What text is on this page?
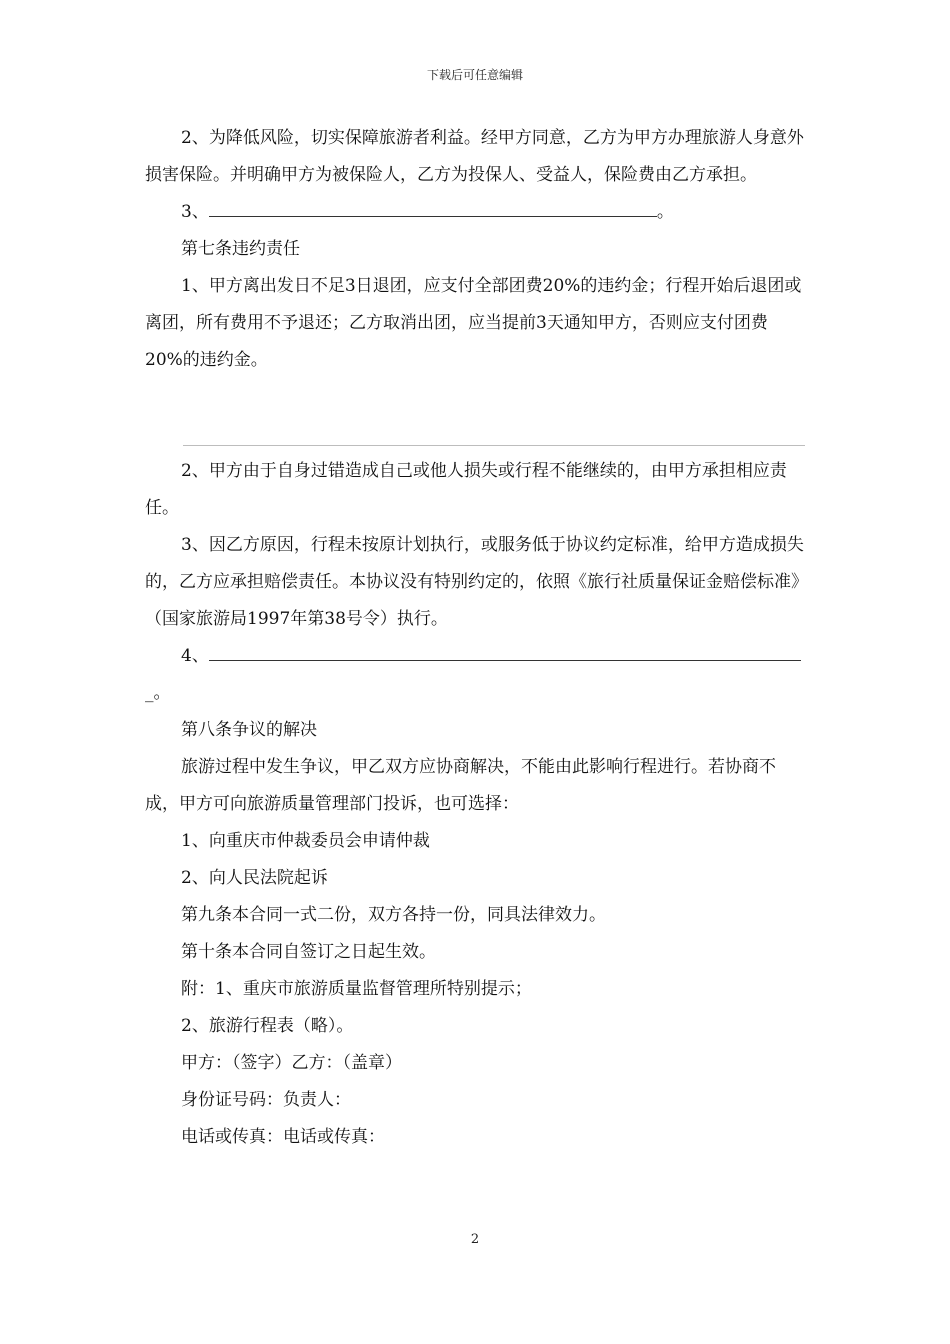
下载后可任意编辑

2、为降低风险，切实保障旅游者利益。经甲方同意，乙方为甲方办理旅游人身意外损害保险。并明确甲方为被保险人，乙方为投保人、受益人，保险费由乙方承担。

3、	。

第七条违约责任

1、甲方离出发日不足3日退团，应支付全部团费20%的违约金；行程开始后退团或离团，所有费用不予退还；乙方取消出团，应当提前3天通知甲方，否则应支付团费20%的违约金。

2、甲方由于自身过错造成自己或他人损失或行程不能继续的，由甲方承担相应责任。

3、因乙方原因，行程未按原计划执行，或服务低于协议约定标准，给甲方造成损失的，乙方应承担赔偿责任。本协议没有特别约定的，依照《旅行社质量保证金赔偿标准》（国家旅游局1997年第38号令）执行。

4、

_。

第八条争议的解决

旅游过程中发生争议，甲乙双方应协商解决，不能由此影响行程进行。若协商不成，甲方可向旅游质量管理部门投诉，也可选择：

1、向重庆市仲裁委员会申请仲裁

2、向人民法院起诉

第九条本合同一式二份，双方各持一份，同具法律效力。

第十条本合同自签订之日起生效。

附：1、重庆市旅游质量监督管理所特别提示；

2、旅游行程表（略）。

甲方：（签字）乙方：（盖章）

身份证号码：负责人：

电话或传真：电话或传真：

2
